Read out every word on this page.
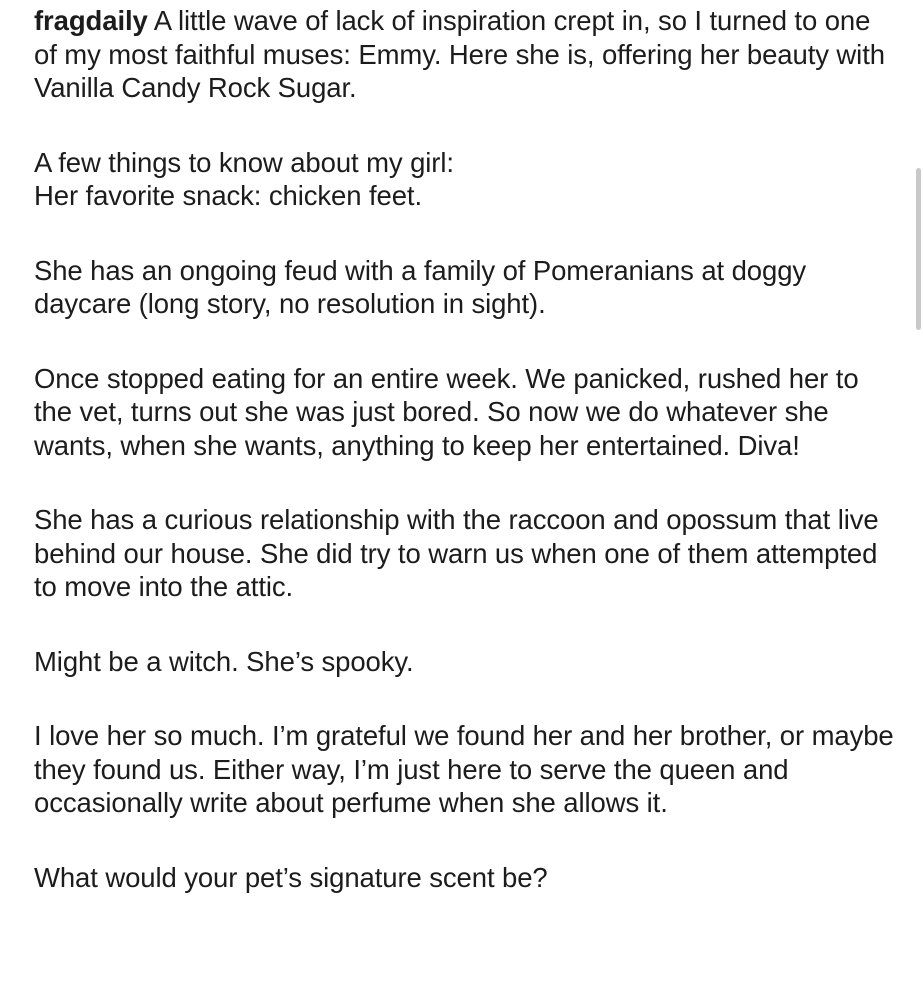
fragdaily A little wave of lack of inspiration crept in, so I turned to one of my most faithful muses: Emmy. Here she is, offering her beauty with Vanilla Candy Rock Sugar.

A few things to know about my girl:

Her favorite snack: chicken feet.

She has an ongoing feud with a family of Pomeranians at doggy daycare (long story, no resolution in sight).

Once stopped eating for an entire week. We panicked, rushed her to the vet, turns out she was just bored. So now we do whatever she wants, when she wants, anything to keep her entertained. Diva!

She has a curious relationship with the raccoon and opossum that live behind our house. She did try to warn us when one of them attempted to move into the attic.

Might be a witch. She’s spooky.

I love her so much. I’m grateful we found her and her brother, or maybe they found us. Either way, I’m just here to serve the queen and occasionally write about perfume when she allows it.

What would your pet’s signature scent be?
